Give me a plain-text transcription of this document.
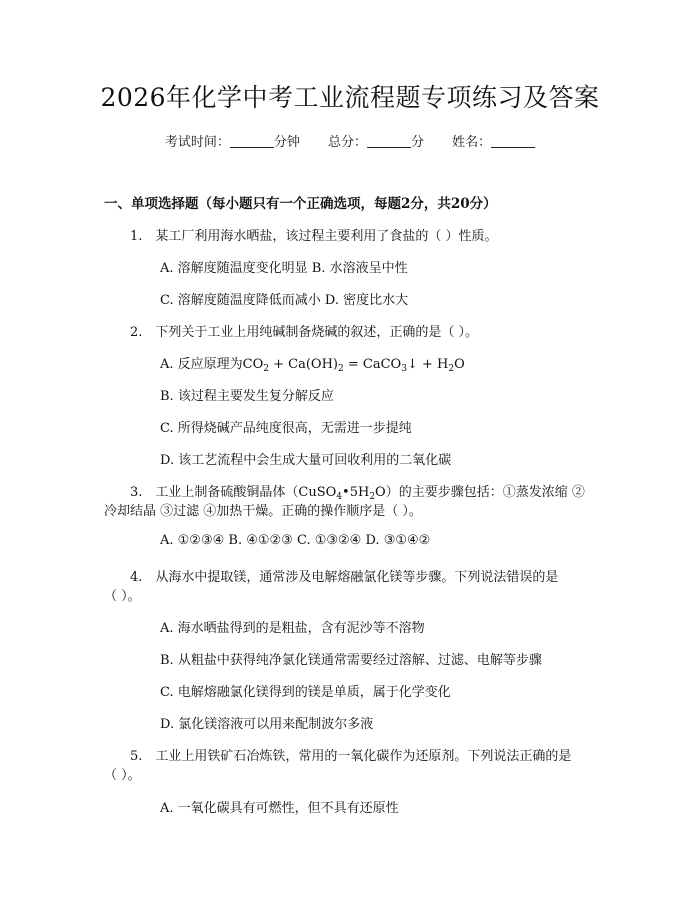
2026年化学中考工业流程题专项练习及答案
考试时间：	分钟 总分：	分 姓名：
一、单项选择题（每小题只有一个正确选项，每题2分，共20分）
1.　某工厂利用海水晒盐，该过程主要利用了食盐的（ ）性质。
A. 溶解度随温度变化明显 B. 水溶液呈中性
C. 溶解度随温度降低而减小 D. 密度比水大
2.　下列关于工业上用纯碱制备烧碱的叙述，正确的是（ ）。
A. 反应原理为$CO_2 + Ca(OH)_2$ = CaCO$_3$↓ + $H_2O$
B. 该过程主要发生复分解反应
C. 所得烧碱产品纯度很高，无需进一步提纯
D. 该工艺流程中会生成大量可回收利用的二氧化碳
3.　工业上制备硫酸铜晶体$(CuSO_4•5H_2O)$的主要步骤包括：①蒸发浓缩 ②
冷却结晶 ③过滤 ④加热干燥。正确的操作顺序是（ ）。
A. ①②③④ B. ④①②③ C. ①③②④ D. ③①④②
4.　从海水中提取镁，通常涉及电解熔融氯化镁等步骤。下列说法错误的是
（ ）。
A. 海水晒盐得到的是粗盐，含有泥沙等不溶物
B. 从粗盐中获得纯净氯化镁通常需要经过溶解、过滤、电解等步骤
C. 电解熔融氯化镁得到的镁是单质，属于化学变化
D. 氯化镁溶液可以用来配制波尔多液
5.　工业上用铁矿石冶炼铁，常用的一氧化碳作为还原剂。下列说法正确的是
（ ）。
A. 一氧化碳具有可燃性，但不具有还原性
